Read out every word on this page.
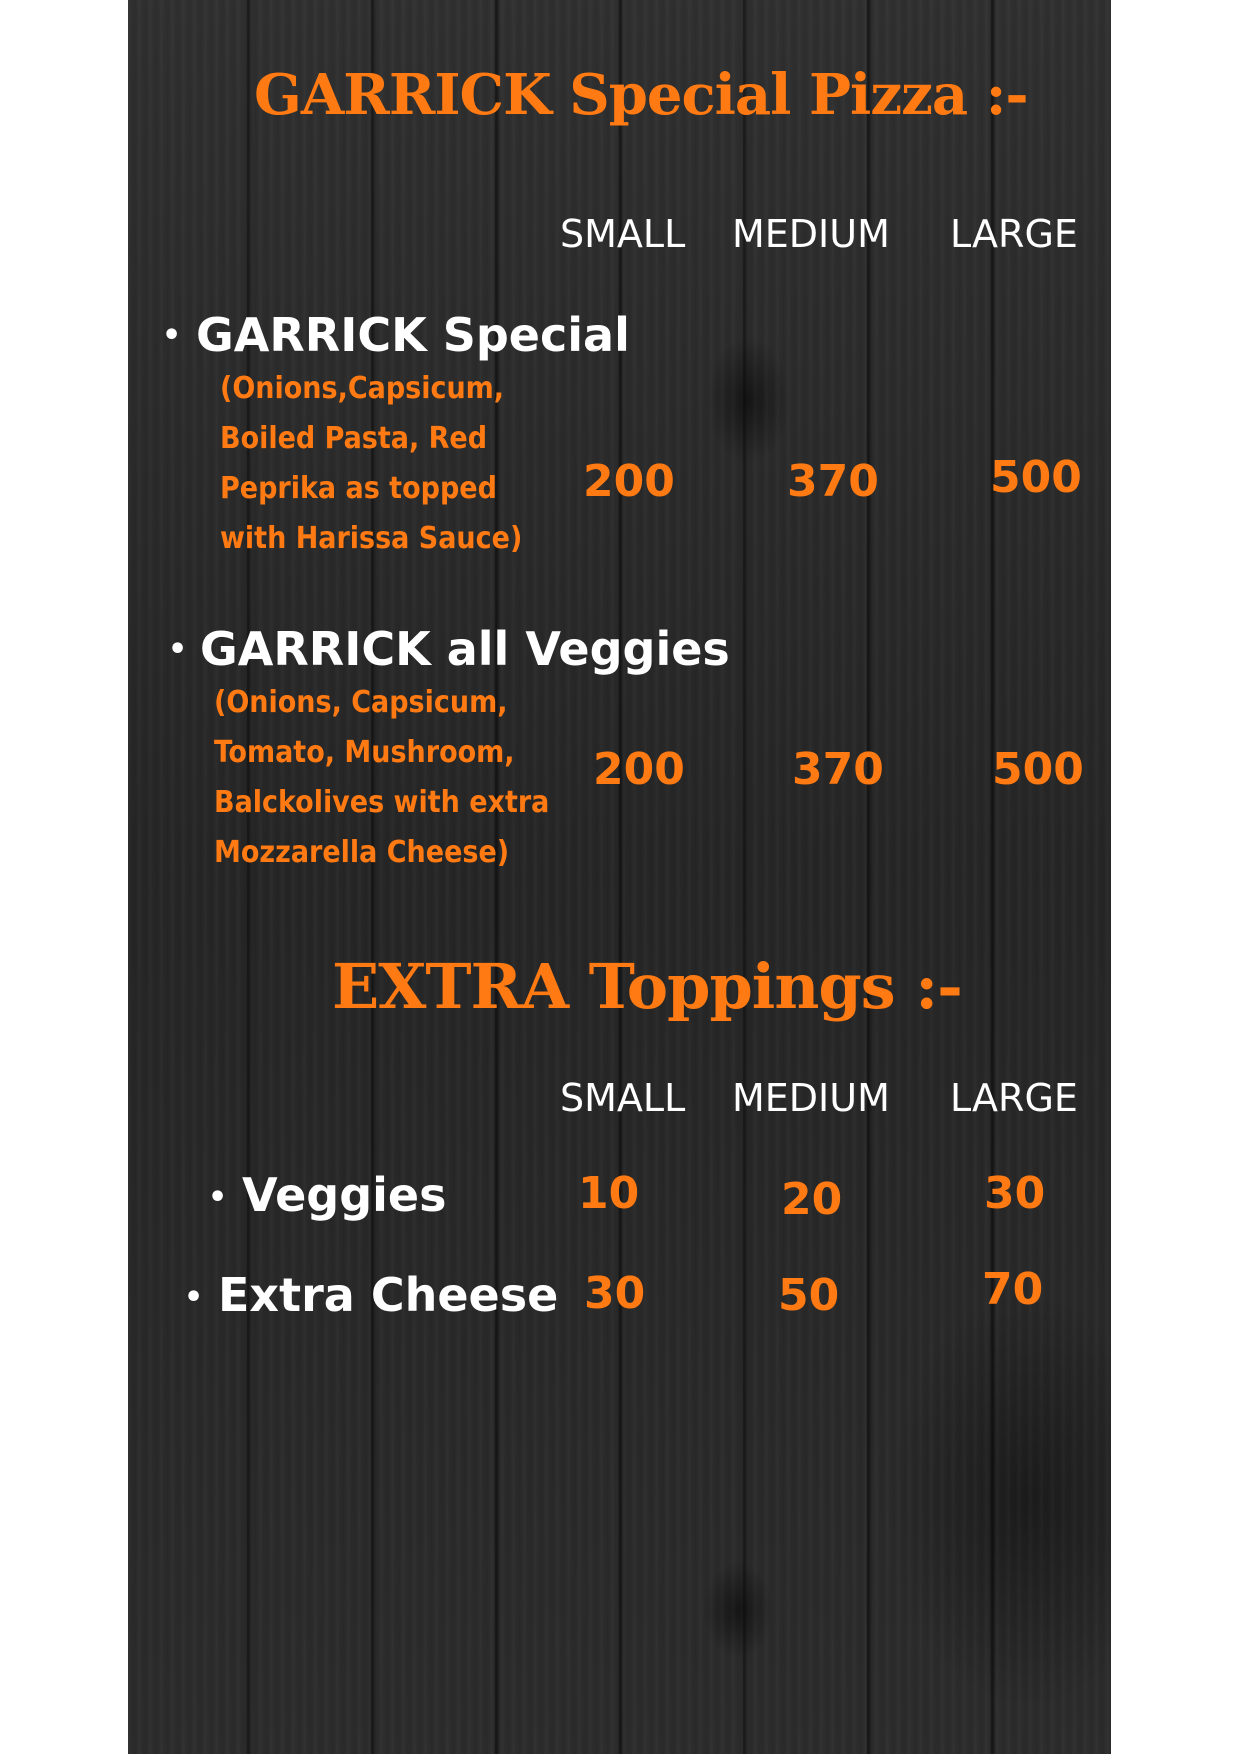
GARRICK Special Pizza :-
SMALL MEDIUM LARGE
• GARRICK Special
(Onions,Capsicum,
Boiled Pasta, Red
Peprika as topped
with Harissa Sauce)
200	370	500
• GARRICK all Veggies
(Onions, Capsicum,
Tomato, Mushroom,
Balckolives with extra
Mozzarella Cheese)
200 370 500
EXTRA Toppings :-
SMALL MEDIUM LARGE
• Veggies	10	20	30
• Extra Cheese 30	50	70
